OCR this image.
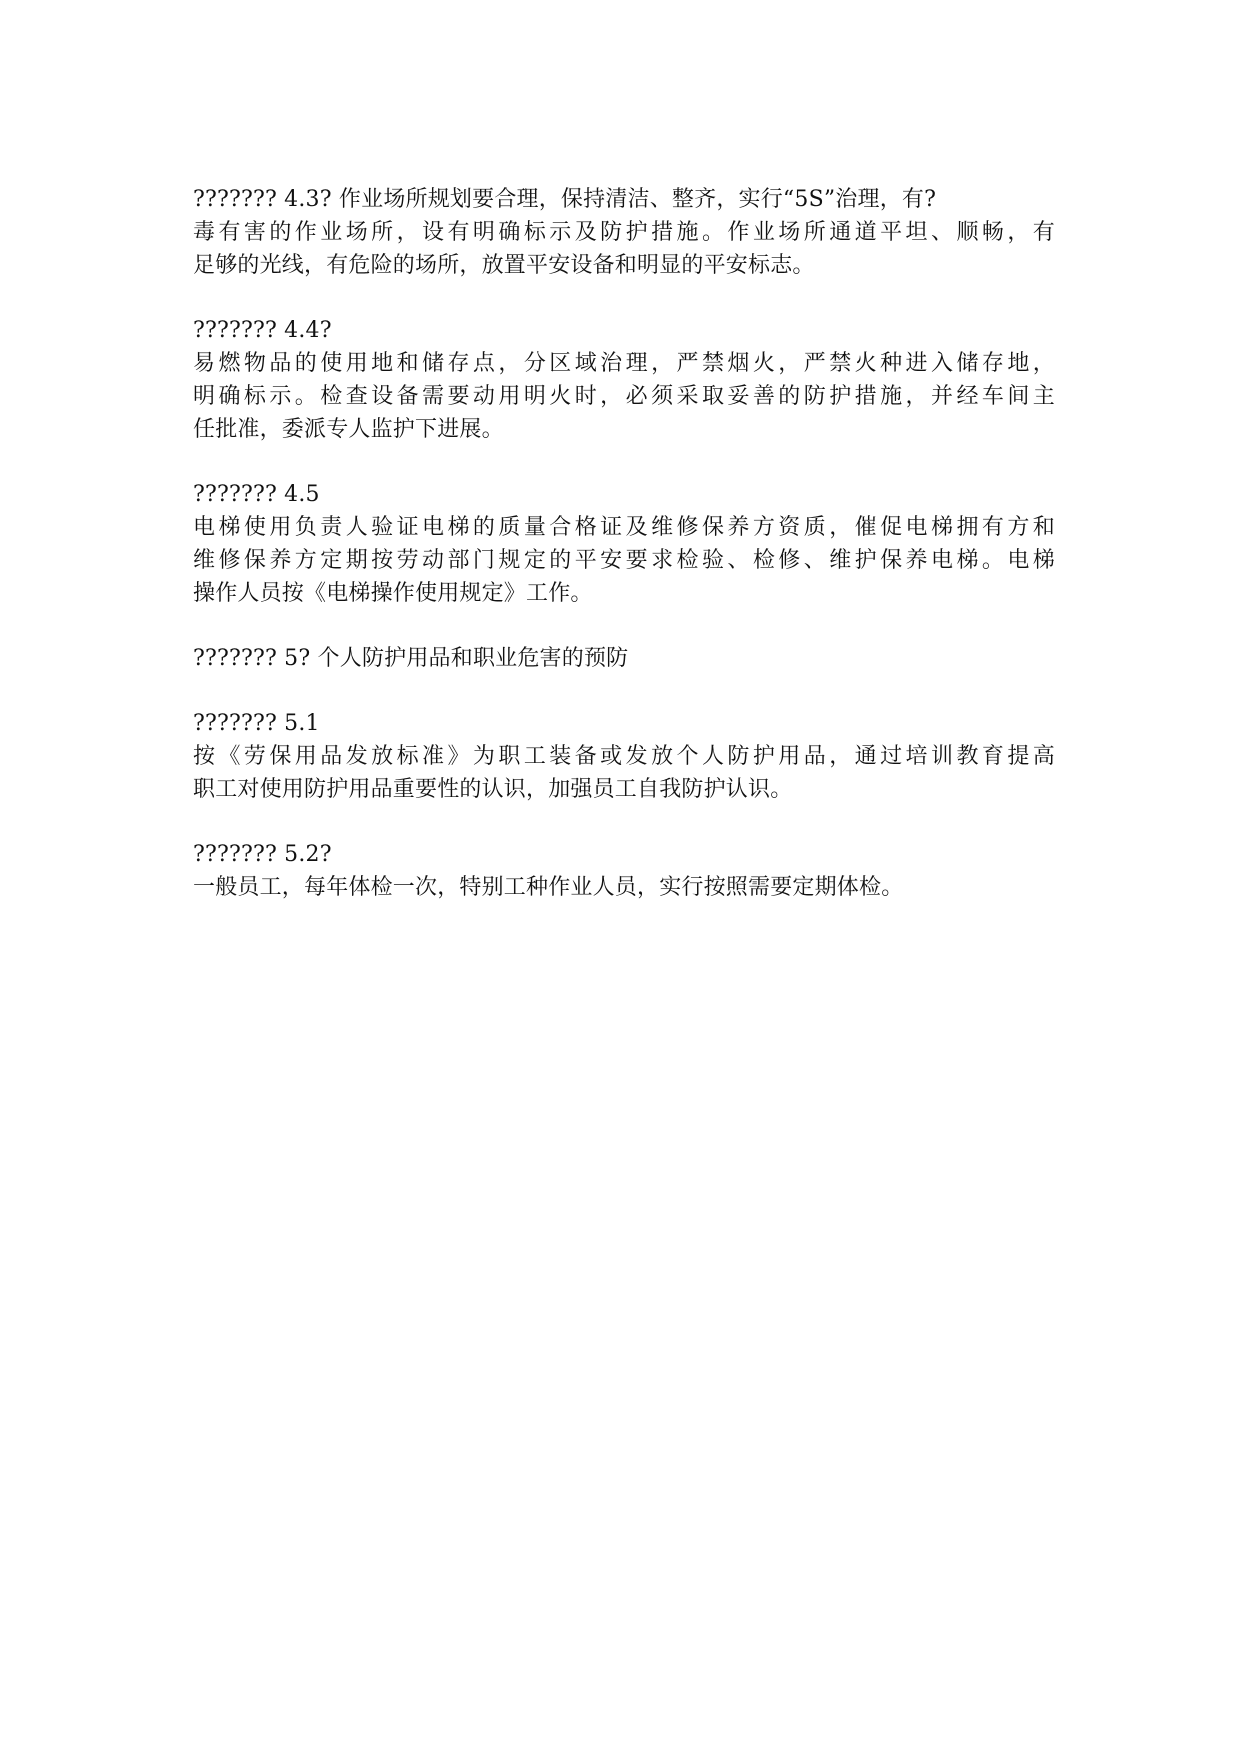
??????? 4.3? 作业场所规划要合理，保持清洁、整齐，实行“5S”治理，有?
毒有害的作业场所，设有明确标示及防护措施。作业场所通道平坦、顺畅，有
足够的光线，有危险的场所，放置平安设备和明显的平安标志。
??????? 4.4?
易燃物品的使用地和储存点，分区域治理，严禁烟火，严禁火种进入储存地，
明确标示。检查设备需要动用明火时，必须采取妥善的防护措施，并经车间主
任批准，委派专人监护下进展。
??????? 4.5
电梯使用负责人验证电梯的质量合格证及维修保养方资质，催促电梯拥有方和
维修保养方定期按劳动部门规定的平安要求检验、检修、维护保养电梯。电梯
操作人员按《电梯操作使用规定》工作。
??????? 5? 个人防护用品和职业危害的预防
??????? 5.1
按《劳保用品发放标准》为职工装备或发放个人防护用品，通过培训教育提高
职工对使用防护用品重要性的认识，加强员工自我防护认识。
??????? 5.2?
一般员工，每年体检一次，特别工种作业人员，实行按照需要定期体检。
